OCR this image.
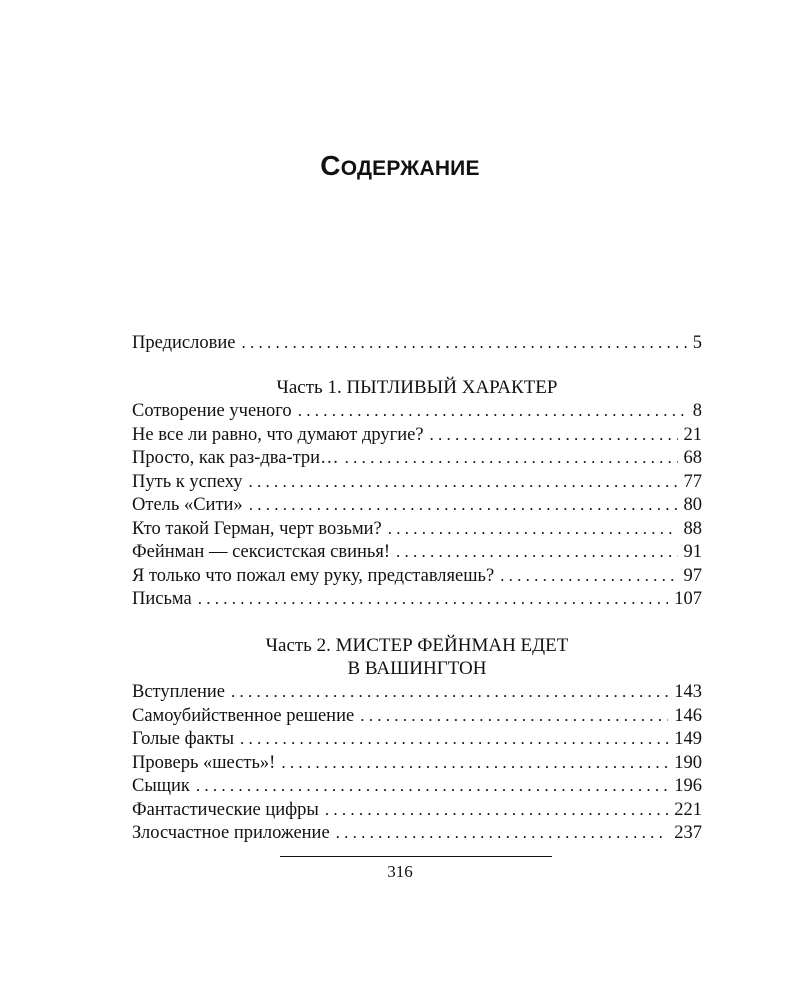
СОДЕРЖАНИЕ
Предисловие . . .	5
Часть 1. ПЫТЛИВЫЙ ХАРАКТЕР
Сотворение ученого . . .	8
Не все ли равно, что думают другие? . . .	21
Просто, как раз-два-три… . . .	68
Путь к успеху . . .	77
Отель «Сити» . . .	80
Кто такой Герман, черт возьми? . . .	88
Фейнман — сексистская свинья! . . .	91
Я только что пожал ему руку, представляешь? . . .	97
Письма . . .	107
Часть 2. МИСТЕР ФЕЙНМАН ЕДЕТ
В ВАШИНГТОН
Вступление . . .	143
Самоубийственное решение . . .	146
Голые факты . . .	149
Проверь «шесть»! . . .	190
Сыщик . . .	196
Фантастические цифры . . .	221
Злосчастное приложение . . .	237
316
